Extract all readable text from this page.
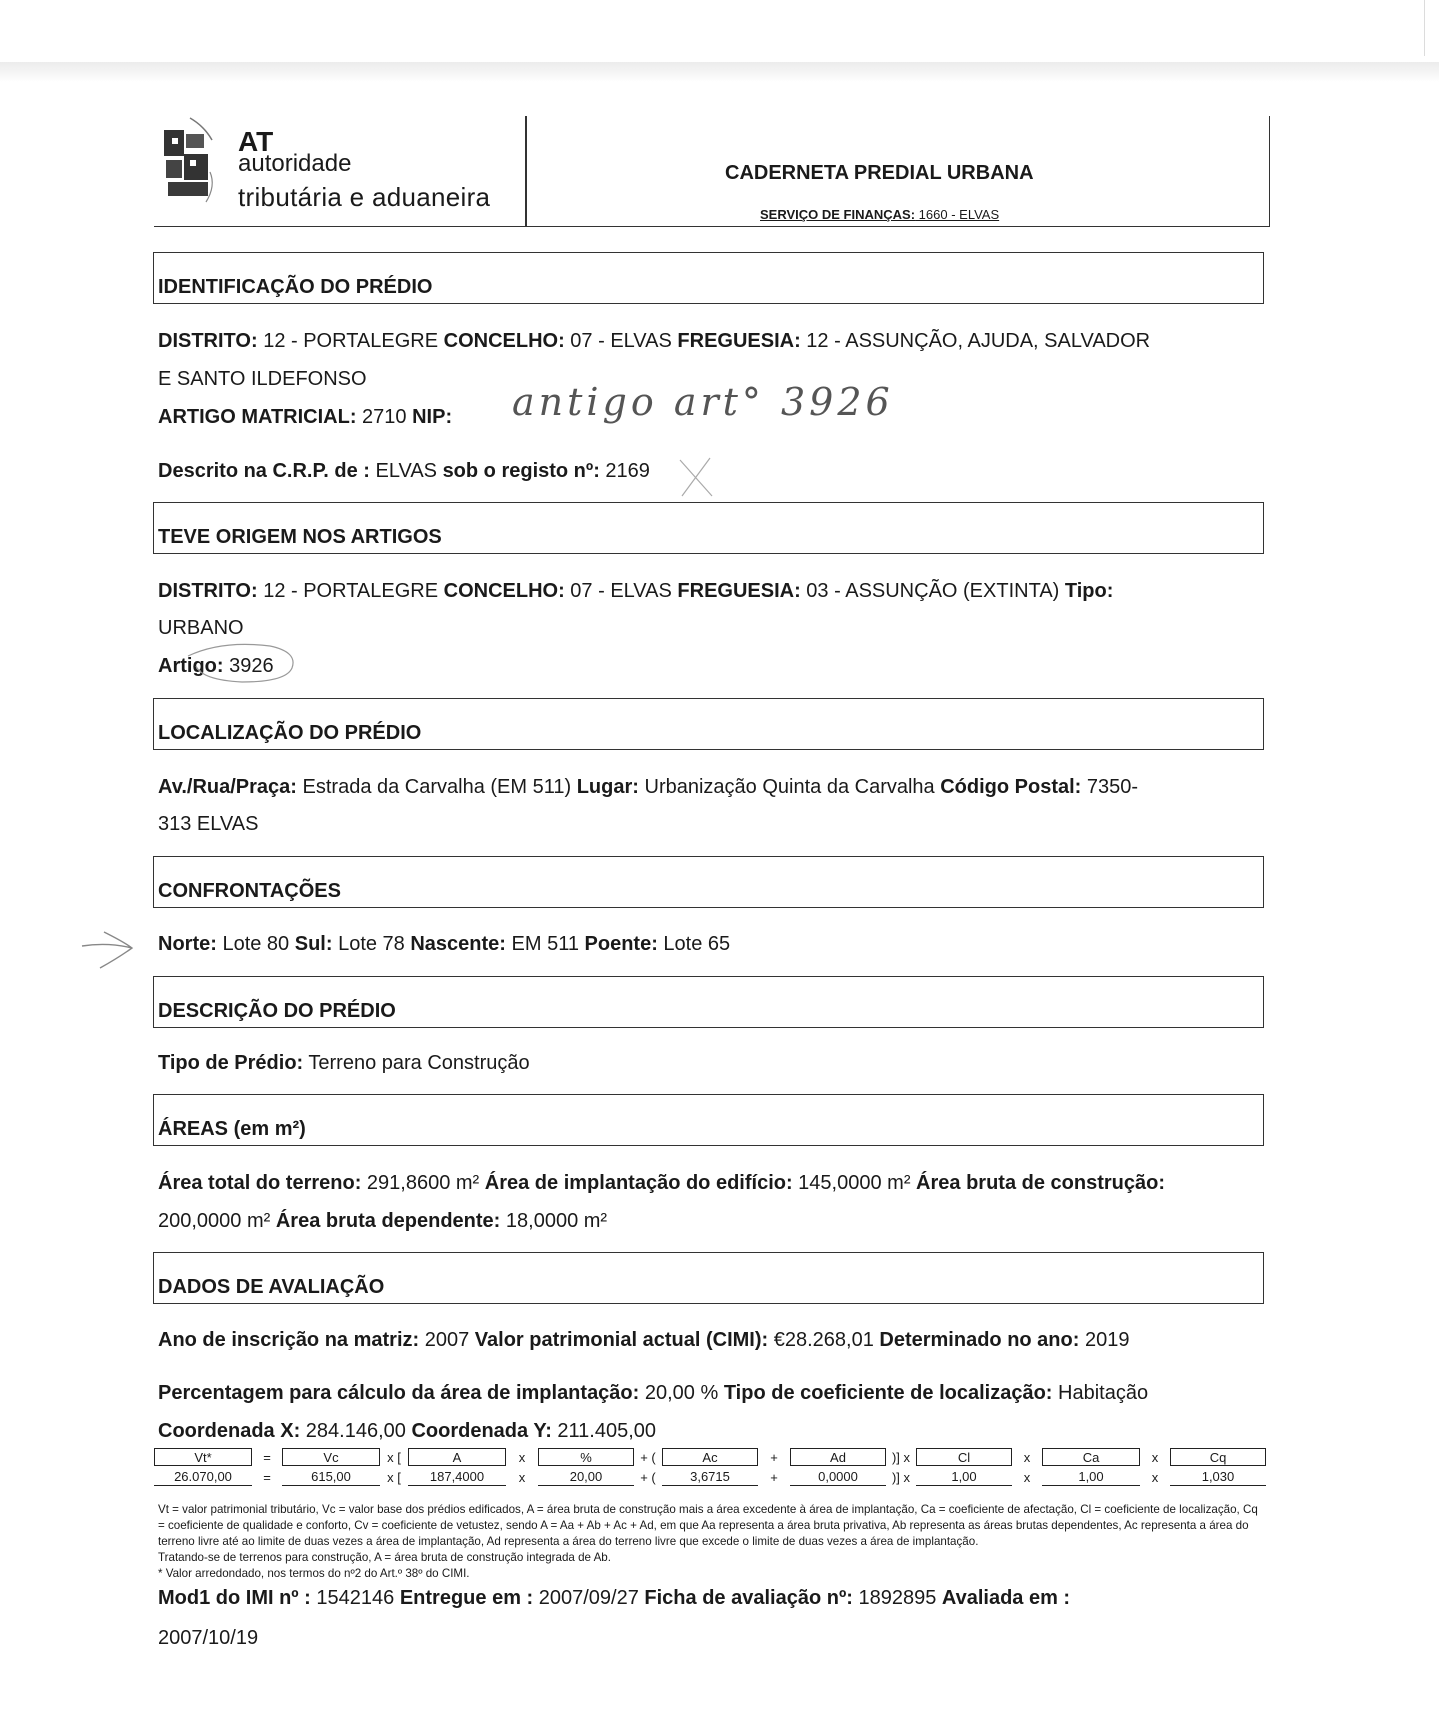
AT
autoridade
tributária e aduaneira
CADERNETA PREDIAL URBANA
SERVIÇO DE FINANÇAS: 1660 - ELVAS
IDENTIFICAÇÃO DO PRÉDIO
DISTRITO: 12 - PORTALEGRE CONCELHO: 07 - ELVAS FREGUESIA: 12 - ASSUNÇÃO, AJUDA, SALVADOR
E SANTO ILDEFONSO
ARTIGO MATRICIAL: 2710 NIP: antigo art° 3926
Descrito na C.R.P. de : ELVAS sob o registo nº: 2169
TEVE ORIGEM NOS ARTIGOS
DISTRITO: 12 - PORTALEGRE CONCELHO: 07 - ELVAS FREGUESIA: 03 - ASSUNÇÃO (EXTINTA) Tipo:
URBANO
Artigo: 3926
LOCALIZAÇÃO DO PRÉDIO
Av./Rua/Praça: Estrada da Carvalha (EM 511) Lugar: Urbanização Quinta da Carvalha Código Postal: 7350-
313 ELVAS
CONFRONTAÇÕES
Norte: Lote 80 Sul: Lote 78 Nascente: EM 511 Poente: Lote 65
DESCRIÇÃO DO PRÉDIO
Tipo de Prédio: Terreno para Construção
ÁREAS (em m²)
Área total do terreno: 291,8600 m² Área de implantação do edifício: 145,0000 m² Área bruta de construção:
200,0000 m² Área bruta dependente: 18,0000 m²
DADOS DE AVALIAÇÃO
Ano de inscrição na matriz: 2007 Valor patrimonial actual (CIMI): €28.268,01 Determinado no ano: 2019
Percentagem para cálculo da área de implantação: 20,00 % Tipo de coeficiente de localização: Habitação
Coordenada X: 284.146,00 Coordenada Y: 211.405,00
Vt*	=	Vc	x [	A	x	%	+ (	Ac	+	Ad	)] x	Cl	x	Ca	x	Cq
26.070,00	=	615,00	x [	187,4000	x	20,00	+ (	3,6715	+	0,0000	)] x	1,00	x	1,00	x	1,030

Vt = valor patrimonial tributário, Vc = valor base dos prédios edificados, A = área bruta de construção mais a área excedente à área de implantação, Ca = coeficiente de afectação, Cl = coeficiente de localização, Cq = coeficiente de qualidade e conforto, Cv = coeficiente de vetustez, sendo A = Aa + Ab + Ac + Ad, em que Aa representa a área bruta privativa, Ab representa as áreas brutas dependentes, Ac representa a área do terreno livre até ao limite de duas vezes a área de implantação, Ad representa a área do terreno livre que excede o limite de duas vezes a área de implantação.

Tratando-se de terrenos para construção, A = área bruta de construção integrada de Ab.

* Valor arredondado, nos termos do nº2 do Art.º 38º do CIMI.

Mod1 do IMI nº : 1542146 Entregue em : 2007/09/27 Ficha de avaliação nº: 1892895 Avaliada em :
2007/10/19
